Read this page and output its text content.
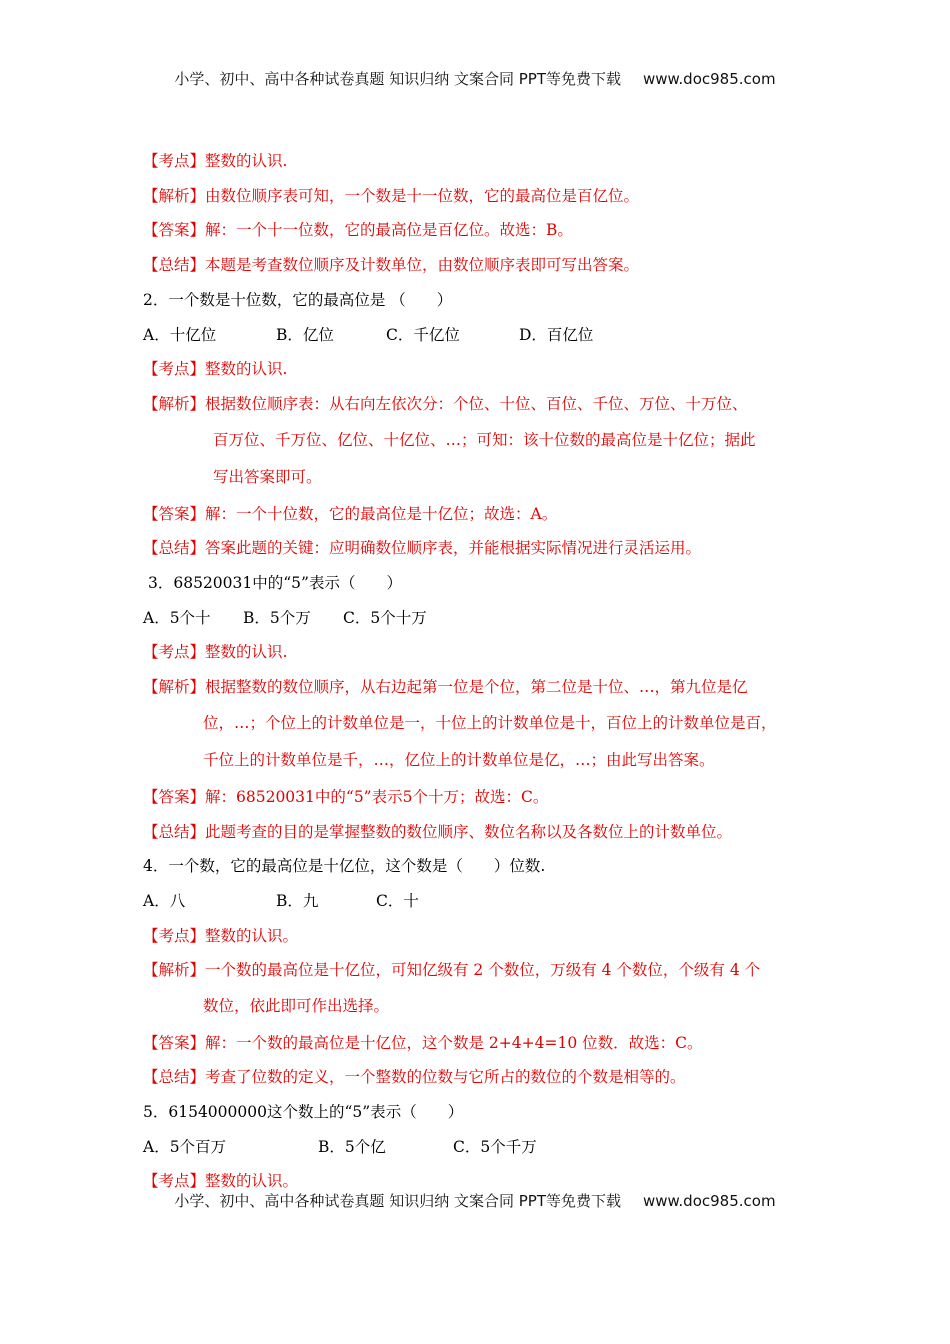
小学、初中、高中各种试卷真题 知识归纳 文案合同 PPT等免费下载 www.doc985.com
【考点】整数的认识.
【解析】由数位顺序表可知，一个数是十一位数，它的最高位是百亿位。
【答案】解：一个十一位数，它的最高位是百亿位。故选：B。
【总结】本题是考查数位顺序及计数单位，由数位顺序表即可写出答案。
2．一个数是十位数，它的最高位是 （　　）
A．十亿位	B．亿位	C．千亿位	D．百亿位
【考点】整数的认识.
【解析】根据数位顺序表：从右向左依次分：个位、十位、百位、千位、万位、十万位、
百万位、千万位、亿位、十亿位、…；可知：该十位数的最高位是十亿位；据此
写出答案即可。
【答案】解：一个十位数，它的最高位是十亿位；故选：A。
【总结】答案此题的关键：应明确数位顺序表，并能根据实际情况进行灵活运用。
3．68520031中的“5”表示（　　）
A．5个十 B．5个万 C．5个十万
【考点】整数的认识.
【解析】根据整数的数位顺序，从右边起第一位是个位，第二位是十位、…，第九位是亿
位，…；个位上的计数单位是一，十位上的计数单位是十，百位上的计数单位是百，
千位上的计数单位是千，…，亿位上的计数单位是亿，…；由此写出答案。
【答案】解：68520031中的“5”表示5个十万；故选：C。
【总结】此题考查的目的是掌握整数的数位顺序、数位名称以及各数位上的计数单位。
4．一个数，它的最高位是十亿位，这个数是（　　）位数.
A．八	B．九	C．十
【考点】整数的认识。
【解析】一个数的最高位是十亿位，可知亿级有 2 个数位，万级有 4 个数位，个级有 4 个
数位，依此即可作出选择。
【答案】解：一个数的最高位是十亿位，这个数是 2+4+4=10 位数．故选：C。
【总结】考查了位数的定义，一个整数的位数与它所占的数位的个数是相等的。
5．6154000000这个数上的“5”表示（　　）
A．5个百万	B．5个亿	C．5个千万
【考点】整数的认识。
小学、初中、高中各种试卷真题 知识归纳 文案合同 PPT等免费下载 www.doc985.com
